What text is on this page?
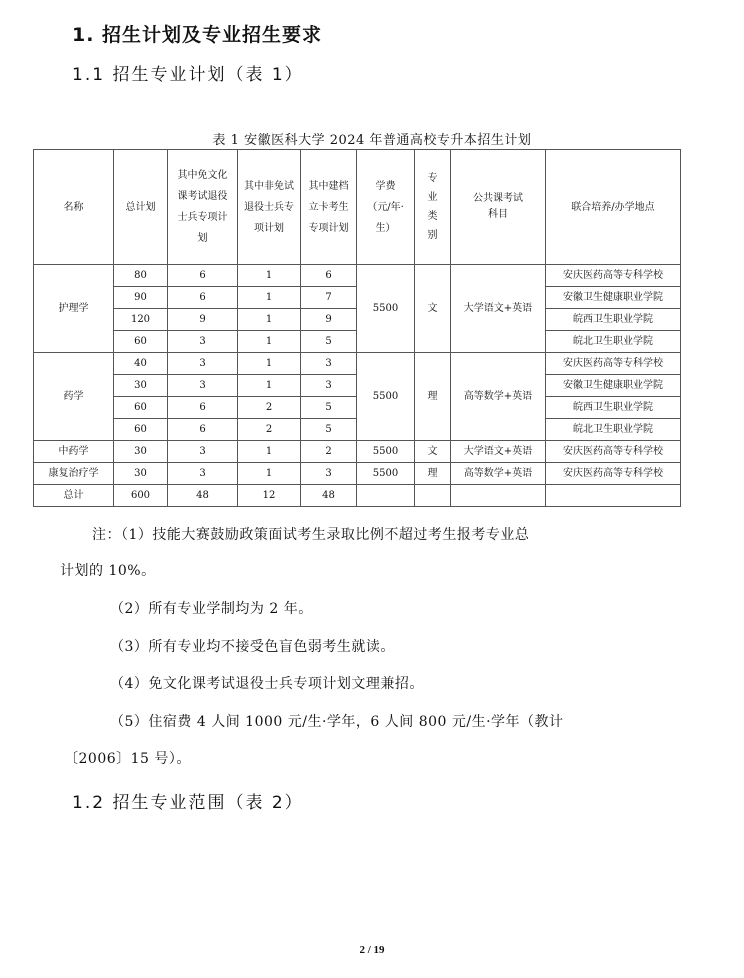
1. 招生计划及专业招生要求
1.1 招生专业计划（表 1）
表 1 安徽医科大学 2024 年普通高校专升本招生计划
名称	总计划	其中免文化课考试退役士兵专项计划	其中非免试退役士兵专项计划	其中建档立卡考生专项计划	学费（元/年·生）	专业类别	公共课考试科目	联合培养/办学地点
护理学	80	6	1	6	5500	文	大学语文+英语	安庆医药高等专科学校
	90	6	1	7				安徽卫生健康职业学院
	120	9	1	9				皖西卫生职业学院
	60	3	1	5				皖北卫生职业学院
药学	40	3	1	3	5500	理	高等数学+英语	安庆医药高等专科学校
	30	3	1	3				安徽卫生健康职业学院
	60	6	2	5				皖西卫生职业学院
	60	6	2	5				皖北卫生职业学院
中药学	30	3	1	2	5500	文	大学语文+英语	安庆医药高等专科学校
康复治疗学	30	3	1	3	5500	理	高等数学+英语	安庆医药高等专科学校
总计	600	48	12	48				
注：（1）技能大赛鼓励政策面试考生录取比例不超过考生报考专业总
计划的 10%。
（2）所有专业学制均为 2 年。
（3）所有专业均不接受色盲色弱考生就读。
（4）免文化课考试退役士兵专项计划文理兼招。
（5）住宿费 4 人间 1000 元/生·学年，6 人间 800 元/生·学年（教计
〔2006〕15 号）。
1.2 招生专业范围（表 2）
2 / 19
